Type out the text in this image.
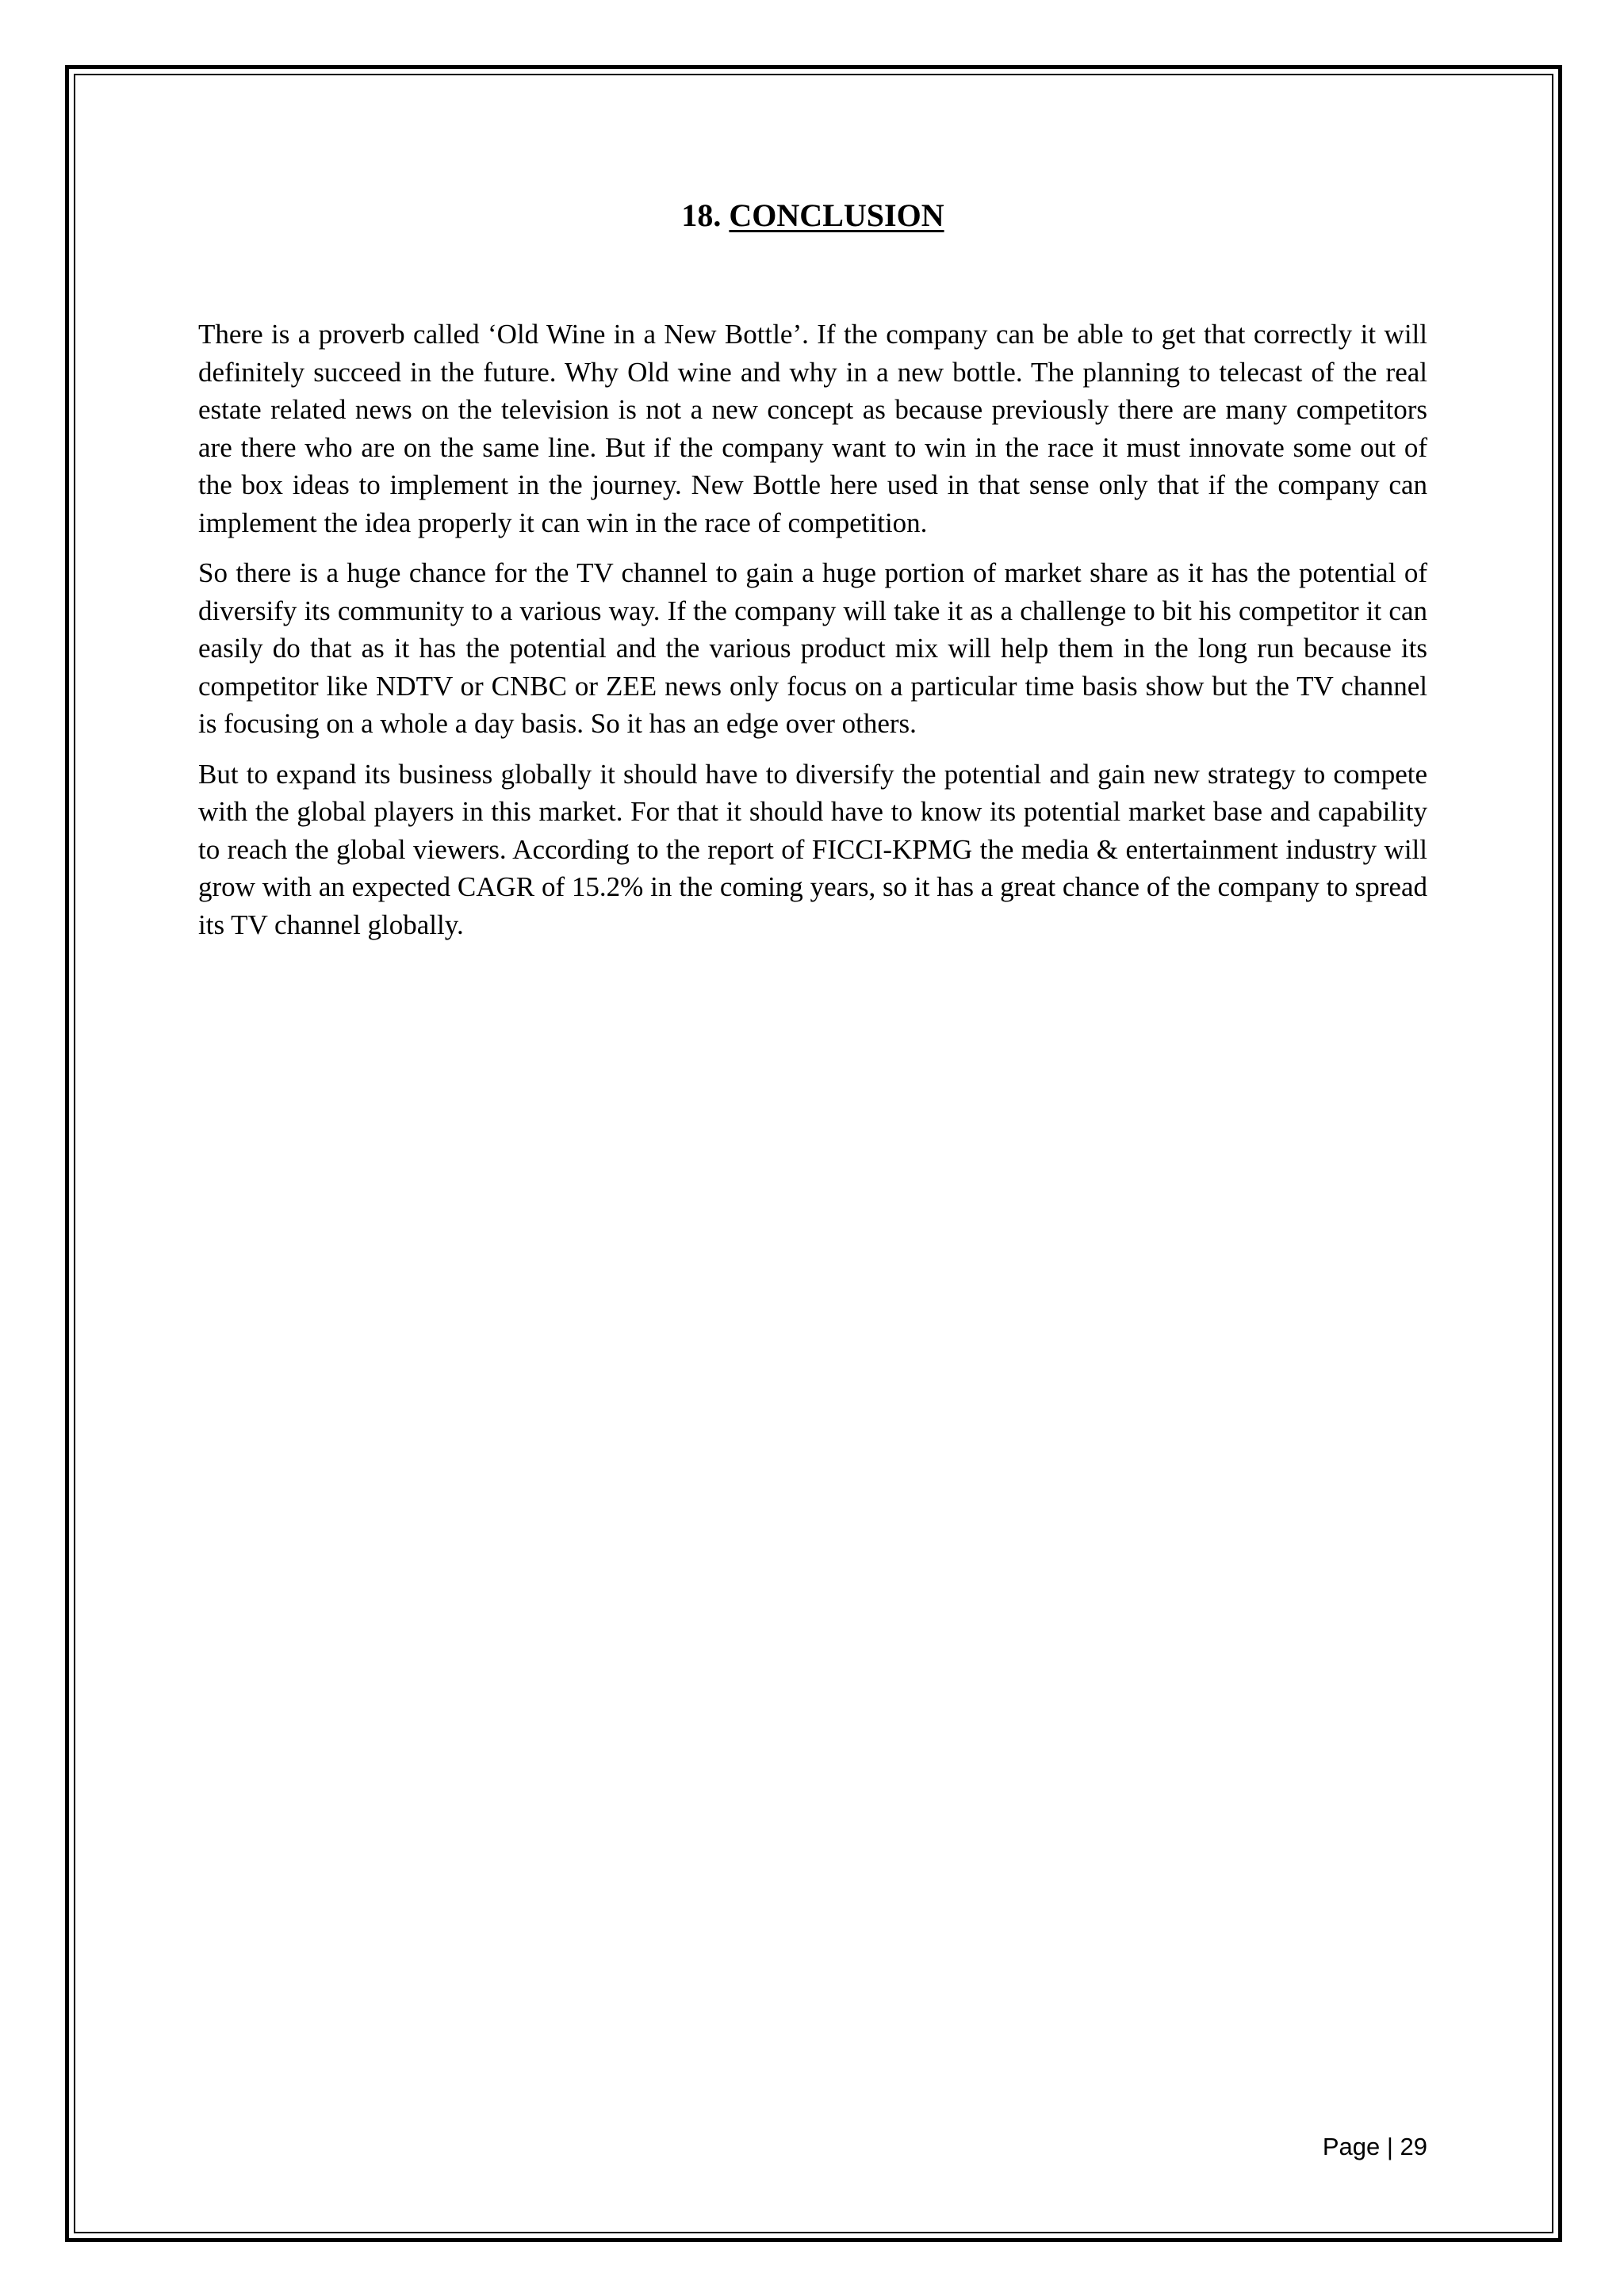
18. CONCLUSION

There is a proverb called ‘Old Wine in a New Bottle’. If the company can be able to get that correctly it will definitely succeed in the future. Why Old wine and why in a new bottle. The planning to telecast of the real estate related news on the television is not a new concept as because previously there are many competitors are there who are on the same line. But if the company want to win in the race it must innovate some out of the box ideas to implement in the journey. New Bottle here used in that sense only that if the company can implement the idea properly it can win in the race of competition.

So there is a huge chance for the TV channel to gain a huge portion of market share as it has the potential of diversify its community to a various way. If the company will take it as a challenge to bit his competitor it can easily do that as it has the potential and the various product mix will help them in the long run because its competitor like NDTV or CNBC or ZEE news only focus on a particular time basis show but the TV channel is focusing on a whole a day basis. So it has an edge over others.

But to expand its business globally it should have to diversify the potential and gain new strategy to compete with the global players in this market. For that it should have to know its potential market base and capability to reach the global viewers. According to the report of FICCI-KPMG the media & entertainment industry will grow with an expected CAGR of 15.2% in the coming years, so it has a great chance of the company to spread its TV channel globally.

Page | 29
